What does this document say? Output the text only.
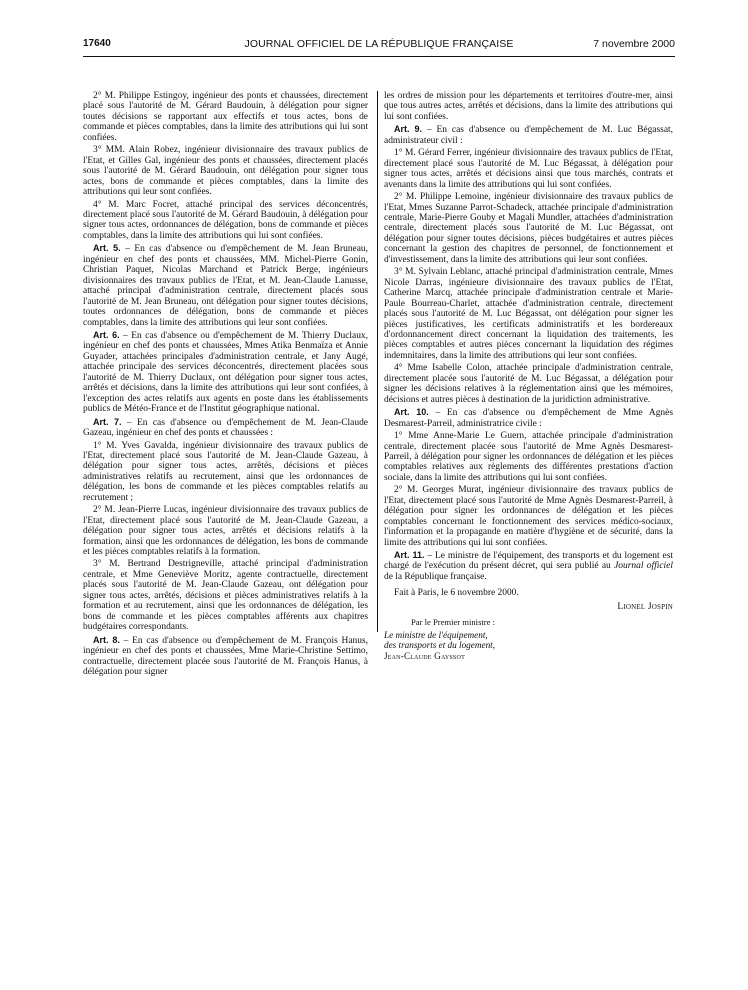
17640	JOURNAL OFFICIEL DE LA RÉPUBLIQUE FRANÇAISE	7 novembre 2000

2° M. Philippe Estingoy, ingénieur des ponts et chaussées, directement placé sous l'autorité de M. Gérard Baudouin, à délégation pour signer toutes décisions se rapportant aux effectifs et tous actes, bons de commande et pièces comptables, dans la limite des attributions qui lui sont confiées.

3° MM. Alain Robez, ingénieur divisionnaire des travaux publics de l'Etat, et Gilles Gal, ingénieur des ponts et chaussées, directement placés sous l'autorité de M. Gérard Baudouin, ont délégation pour signer tous actes, bons de commande et pièces comptables, dans la limite des attributions qui leur sont confiées.

4° M. Marc Focret, attaché principal des services déconcentrés, directement placé sous l'autorité de M. Gérard Baudouin, à délégation pour signer tous actes, ordonnances de délégation, bons de commande et pièces comptables, dans la limite des attributions qui lui sont confiées.

Art. 5. – En cas d'absence ou d'empêchement de M. Jean Bruneau, ingénieur en chef des ponts et chaussées, MM. Michel-Pierre Gonin, Christian Paquet, Nicolas Marchand et Patrick Berge, ingénieurs divisionnaires des travaux publics de l'Etat, et M. Jean-Claude Lanusse, attaché principal d'administration centrale, directement placés sous l'autorité de M. Jean Bruneau, ont délégation pour signer toutes décisions, toutes ordonnances de délégation, bons de commande et pièces comptables, dans la limite des attributions qui leur sont confiées.

Art. 6. – En cas d'absence ou d'empêchement de M. Thierry Duclaux, ingénieur en chef des ponts et chaussées, Mmes Atika Benmaïza et Annie Guyader, attachées principales d'administration centrale, et Jany Augé, attachée principale des services déconcentrés, directement placées sous l'autorité de M. Thierry Duclaux, ont délégation pour signer tous actes, arrêtés et décisions, dans la limite des attributions qui leur sont confiées, à l'exception des actes relatifs aux agents en poste dans les établissements publics de Météo-France et de l'Institut géographique national.

Art. 7. – En cas d'absence ou d'empêchement de M. Jean-Claude Gazeau, ingénieur en chef des ponts et chaussées :

1° M. Yves Gavalda, ingénieur divisionnaire des travaux publics de l'Etat, directement placé sous l'autorité de M. Jean-Claude Gazeau, à délégation pour signer tous actes, arrêtés, décisions et pièces administratives relatifs au recrutement, ainsi que les ordonnances de délégation, les bons de commande et les pièces comptables relatifs au recrutement ;

2° M. Jean-Pierre Lucas, ingénieur divisionnaire des travaux publics de l'Etat, directement placé sous l'autorité de M. Jean-Claude Gazeau, a délégation pour signer tous actes, arrêtés et décisions relatifs à la formation, ainsi que les ordonnances de délégation, les bons de commande et les pièces comptables relatifs à la formation.

3° M. Bertrand Destrigneville, attaché principal d'administration centrale, et Mme Geneviève Moritz, agente contractuelle, directement placés sous l'autorité de M. Jean-Claude Gazeau, ont délégation pour signer tous actes, arrêtés, décisions et pièces administratives relatifs à la formation et au recrutement, ainsi que les ordonnances de délégation, les bons de commande et les pièces comptables afférents aux chapitres budgétaires correspondants.

Art. 8. – En cas d'absence ou d'empêchement de M. François Hanus, ingénieur en chef des ponts et chaussées, Mme Marie-Christine Settimo, contractuelle, directement placée sous l'autorité de M. François Hanus, à délégation pour signer

les ordres de mission pour les départements et territoires d'outre-mer, ainsi que tous autres actes, arrêtés et décisions, dans la limite des attributions qui lui sont confiées.

Art. 9. – En cas d'absence ou d'empêchement de M. Luc Bégassat, administrateur civil :

1° M. Gérard Ferrer, ingénieur divisionnaire des travaux publics de l'Etat, directement placé sous l'autorité de M. Luc Bégassat, à délégation pour signer tous actes, arrêtés et décisions ainsi que tous marchés, contrats et avenants dans la limite des attributions qui lui sont confiées.

2° M. Philippe Lemoine, ingénieur divisionnaire des travaux publics de l'Etat, Mmes Suzanne Parrot-Schadeck, attachée principale d'administration centrale, Marie-Pierre Gouby et Magali Mundler, attachées d'administration centrale, directement placés sous l'autorité de M. Luc Bégassat, ont délégation pour signer toutes décisions, pièces budgétaires et autres pièces concernant la gestion des chapitres de personnel, de fonctionnement et d'investissement, dans la limite des attributions qui leur sont confiées.

3° M. Sylvain Leblanc, attaché principal d'administration centrale, Mmes Nicole Darras, ingénieure divisionnaire des travaux publics de l'Etat, Catherine Marcq, attachée principale d'administration centrale et Marie-Paule Bourreau-Charlet, attachée d'administration centrale, directement placés sous l'autorité de M. Luc Bégassat, ont délégation pour signer les pièces justificatives, les certificats administratifs et les bordereaux d'ordonnancement direct concernant la liquidation des traitements, les pièces comptables et autres pièces concernant la liquidation des régimes indemnitaires, dans la limite des attributions qui leur sont confiées.

4° Mme Isabelle Colon, attachée principale d'administration centrale, directement placée sous l'autorité de M. Luc Bégassat, a délégation pour signer les décisions relatives à la réglementation ainsi que les mémoires, décisions et autres pièces à destination de la juridiction administrative.

Art. 10. – En cas d'absence ou d'empêchement de Mme Agnès Desmarest-Parreil, administratrice civile :

1° Mme Anne-Marie Le Guern, attachée principale d'administration centrale, directement placée sous l'autorité de Mme Agnès Desmarest-Parreil, à délégation pour signer les ordonnances de délégation et les pièces comptables relatives aux règlements des différentes prestations d'action sociale, dans la limite des attributions qui lui sont confiées.

2° M. Georges Murat, ingénieur divisionnaire des travaux publics de l'Etat, directement placé sous l'autorité de Mme Agnès Desmarest-Parreil, à délégation pour signer les ordonnances de délégation et les pièces comptables concernant le fonctionnement des services médico-sociaux, l'information et la propagande en matière d'hygiène et de sécurité, dans la limite des attributions qui lui sont confiées.

Art. 11. – Le ministre de l'équipement, des transports et du logement est chargé de l'exécution du présent décret, qui sera publié au Journal officiel de la République française.

Fait à Paris, le 6 novembre 2000.

Lionel Jospin

Par le Premier ministre :

Le ministre de l'équipement,

des transports et du logement,

Jean-Claude Gayssot
